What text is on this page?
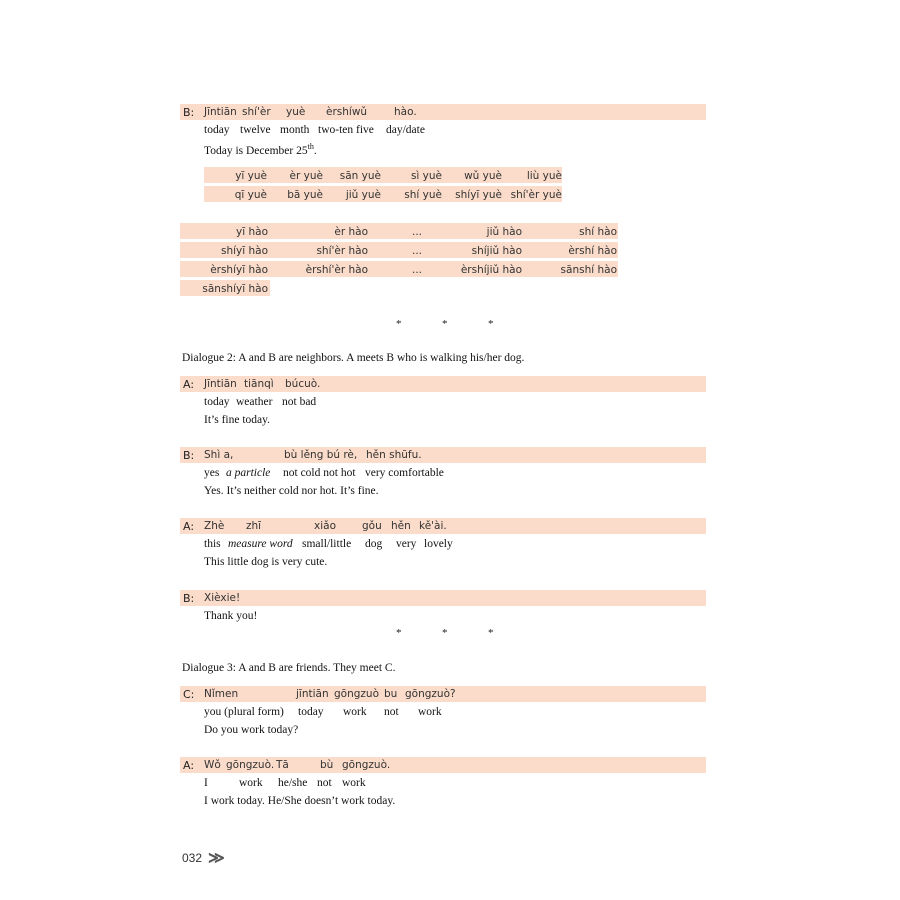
B: Jīntiān shí'èr yuè èrshíwǔ	hào.
today twelve month two-ten five day/date
Today is December 25th.
yī yuè èr yuè sān yuè	sì yuè wǔ yuè liù yuè
qī yuè bā yuè jiǔ yuè shí yuè shíyī yuè shí'èr yuè
yī hào	èr hào	...	jiǔ hào	shí hào
shíyī hào	shí'èr hào	...	shíjiǔ hào	èrshí hào
èrshíyī hào	èrshí'èr hào	...	èrshíjiǔ hào	sānshí hào
sānshíyī hào
*	*	*
Dialogue 2: A and B are neighbors. A meets B who is walking his/her dog.
A: Jīntiān tiānqì búcuò.
today weather not bad
It’s fine today.
B: Shì a,	bù lěng bú rè, hěn shūfu.
yes a particle not cold not hot very comfortable
Yes. It’s neither cold nor hot. It’s fine.
A: Zhè zhī	xiǎo gǒu hěn kě'ài.
this measure word small/little dog very lovely
This little dog is very cute.
B: Xièxie!
Thank you!
*	*	*
Dialogue 3: A and B are friends. They meet C.
C: Nǐmen	jīntiān gōngzuò bu gōngzuò?
you (plural form) today work not work
Do you work today?
A: Wǒ gōngzuò. Tā	bù gōngzuò.
I	work he/she not work
I work today. He/She doesn’t work today.
032 ≫
